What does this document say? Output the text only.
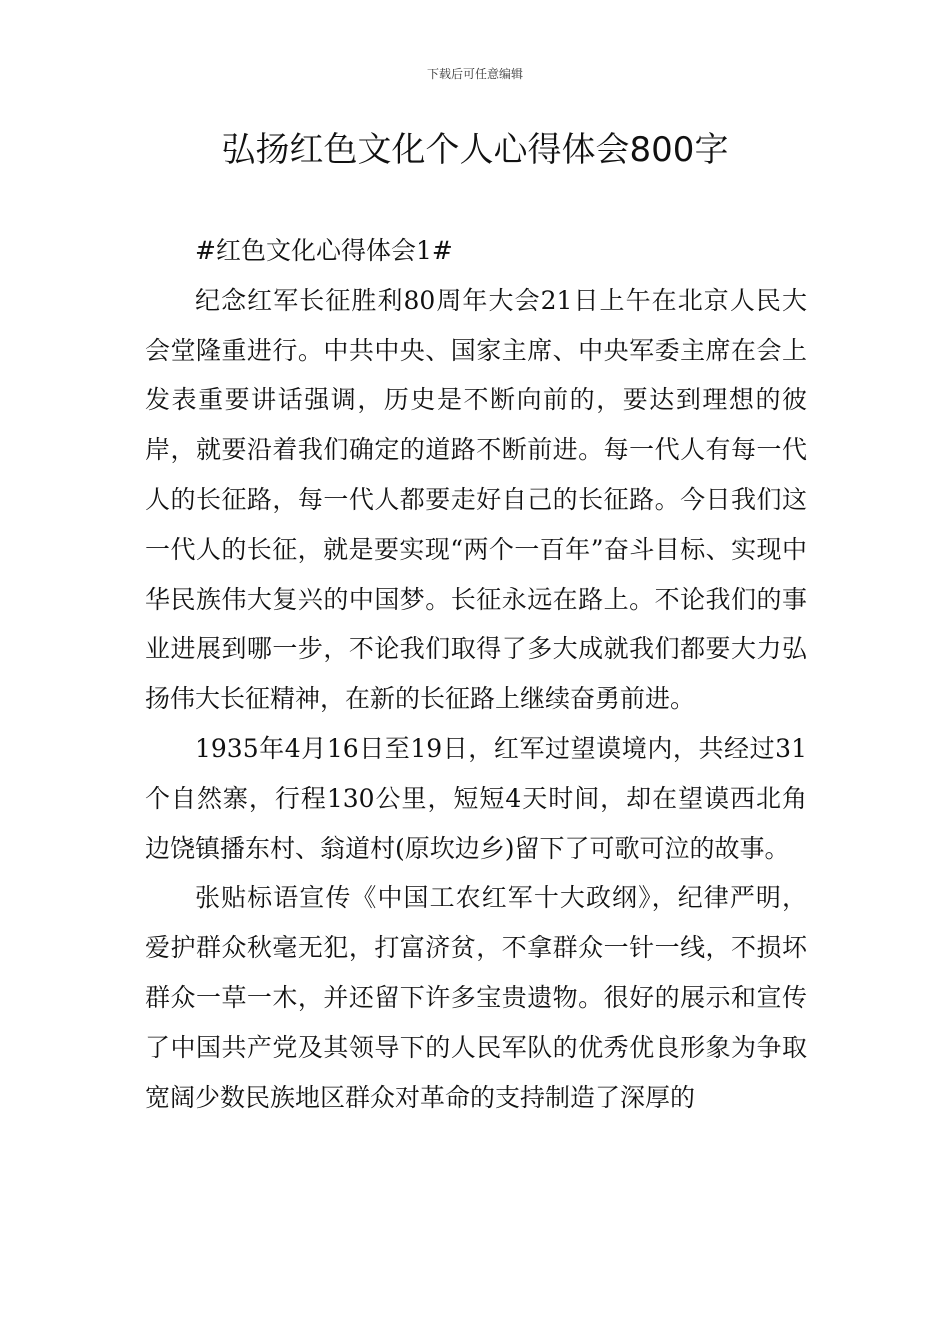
下载后可任意编辑
弘扬红色文化个人心得体会800字

#红色文化心得体会1#

纪念红军长征胜利80周年大会21日上午在北京人民大会堂隆重进行。中共中央、国家主席、中央军委主席在会上发表重要讲话强调，历史是不断向前的，要达到理想的彼岸，就要沿着我们确定的道路不断前进。每一代人有每一代人的长征路，每一代人都要走好自己的长征路。今日我们这一代人的长征，就是要实现“两个一百年”奋斗目标、实现中华民族伟大复兴的中国梦。长征永远在路上。不论我们的事业进展到哪一步，不论我们取得了多大成就我们都要大力弘扬伟大长征精神，在新的长征路上继续奋勇前进。

1935年4月16日至19日，红军过望谟境内，共经过31个自然寨，行程130公里，短短4天时间，却在望谟西北角边饶镇播东村、翁道村(原坎边乡)留下了可歌可泣的故事。

张贴标语宣传《中国工农红军十大政纲》，纪律严明，爱护群众秋毫无犯，打富济贫，不拿群众一针一线，不损坏群众一草一木，并还留下许多宝贵遗物。很好的展示和宣传了中国共产党及其领导下的人民军队的优秀优良形象为争取宽阔少数民族地区群众对革命的支持制造了深厚的
